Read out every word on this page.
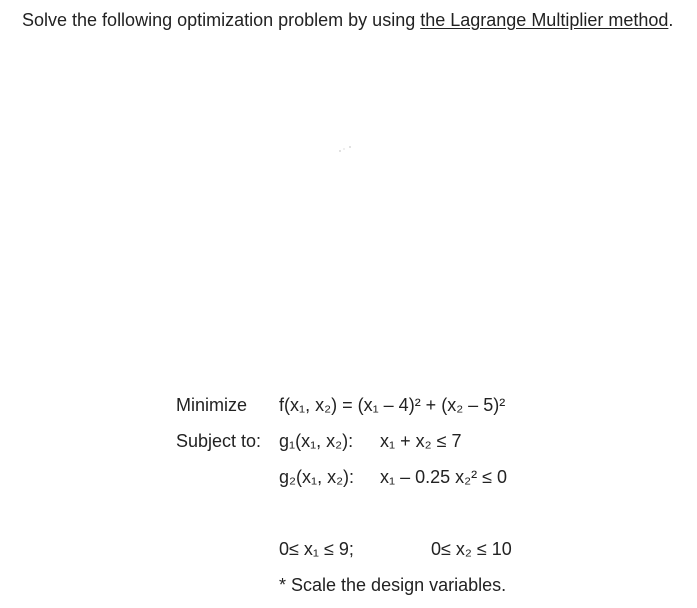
Solve the following optimization problem by using the Lagrange Multiplier method.
Minimize f(x₁, x₂) = (x₁ – 4)² + (x₂ – 5)²
Subject to: g₁(x₁, x₂): x₁ + x₂ ≤ 7
g₂(x₁, x₂): x₁ – 0.25 x₂² ≤ 0
0≤ x₁ ≤ 9;	0≤ x₂ ≤ 10
* Scale the design variables.
